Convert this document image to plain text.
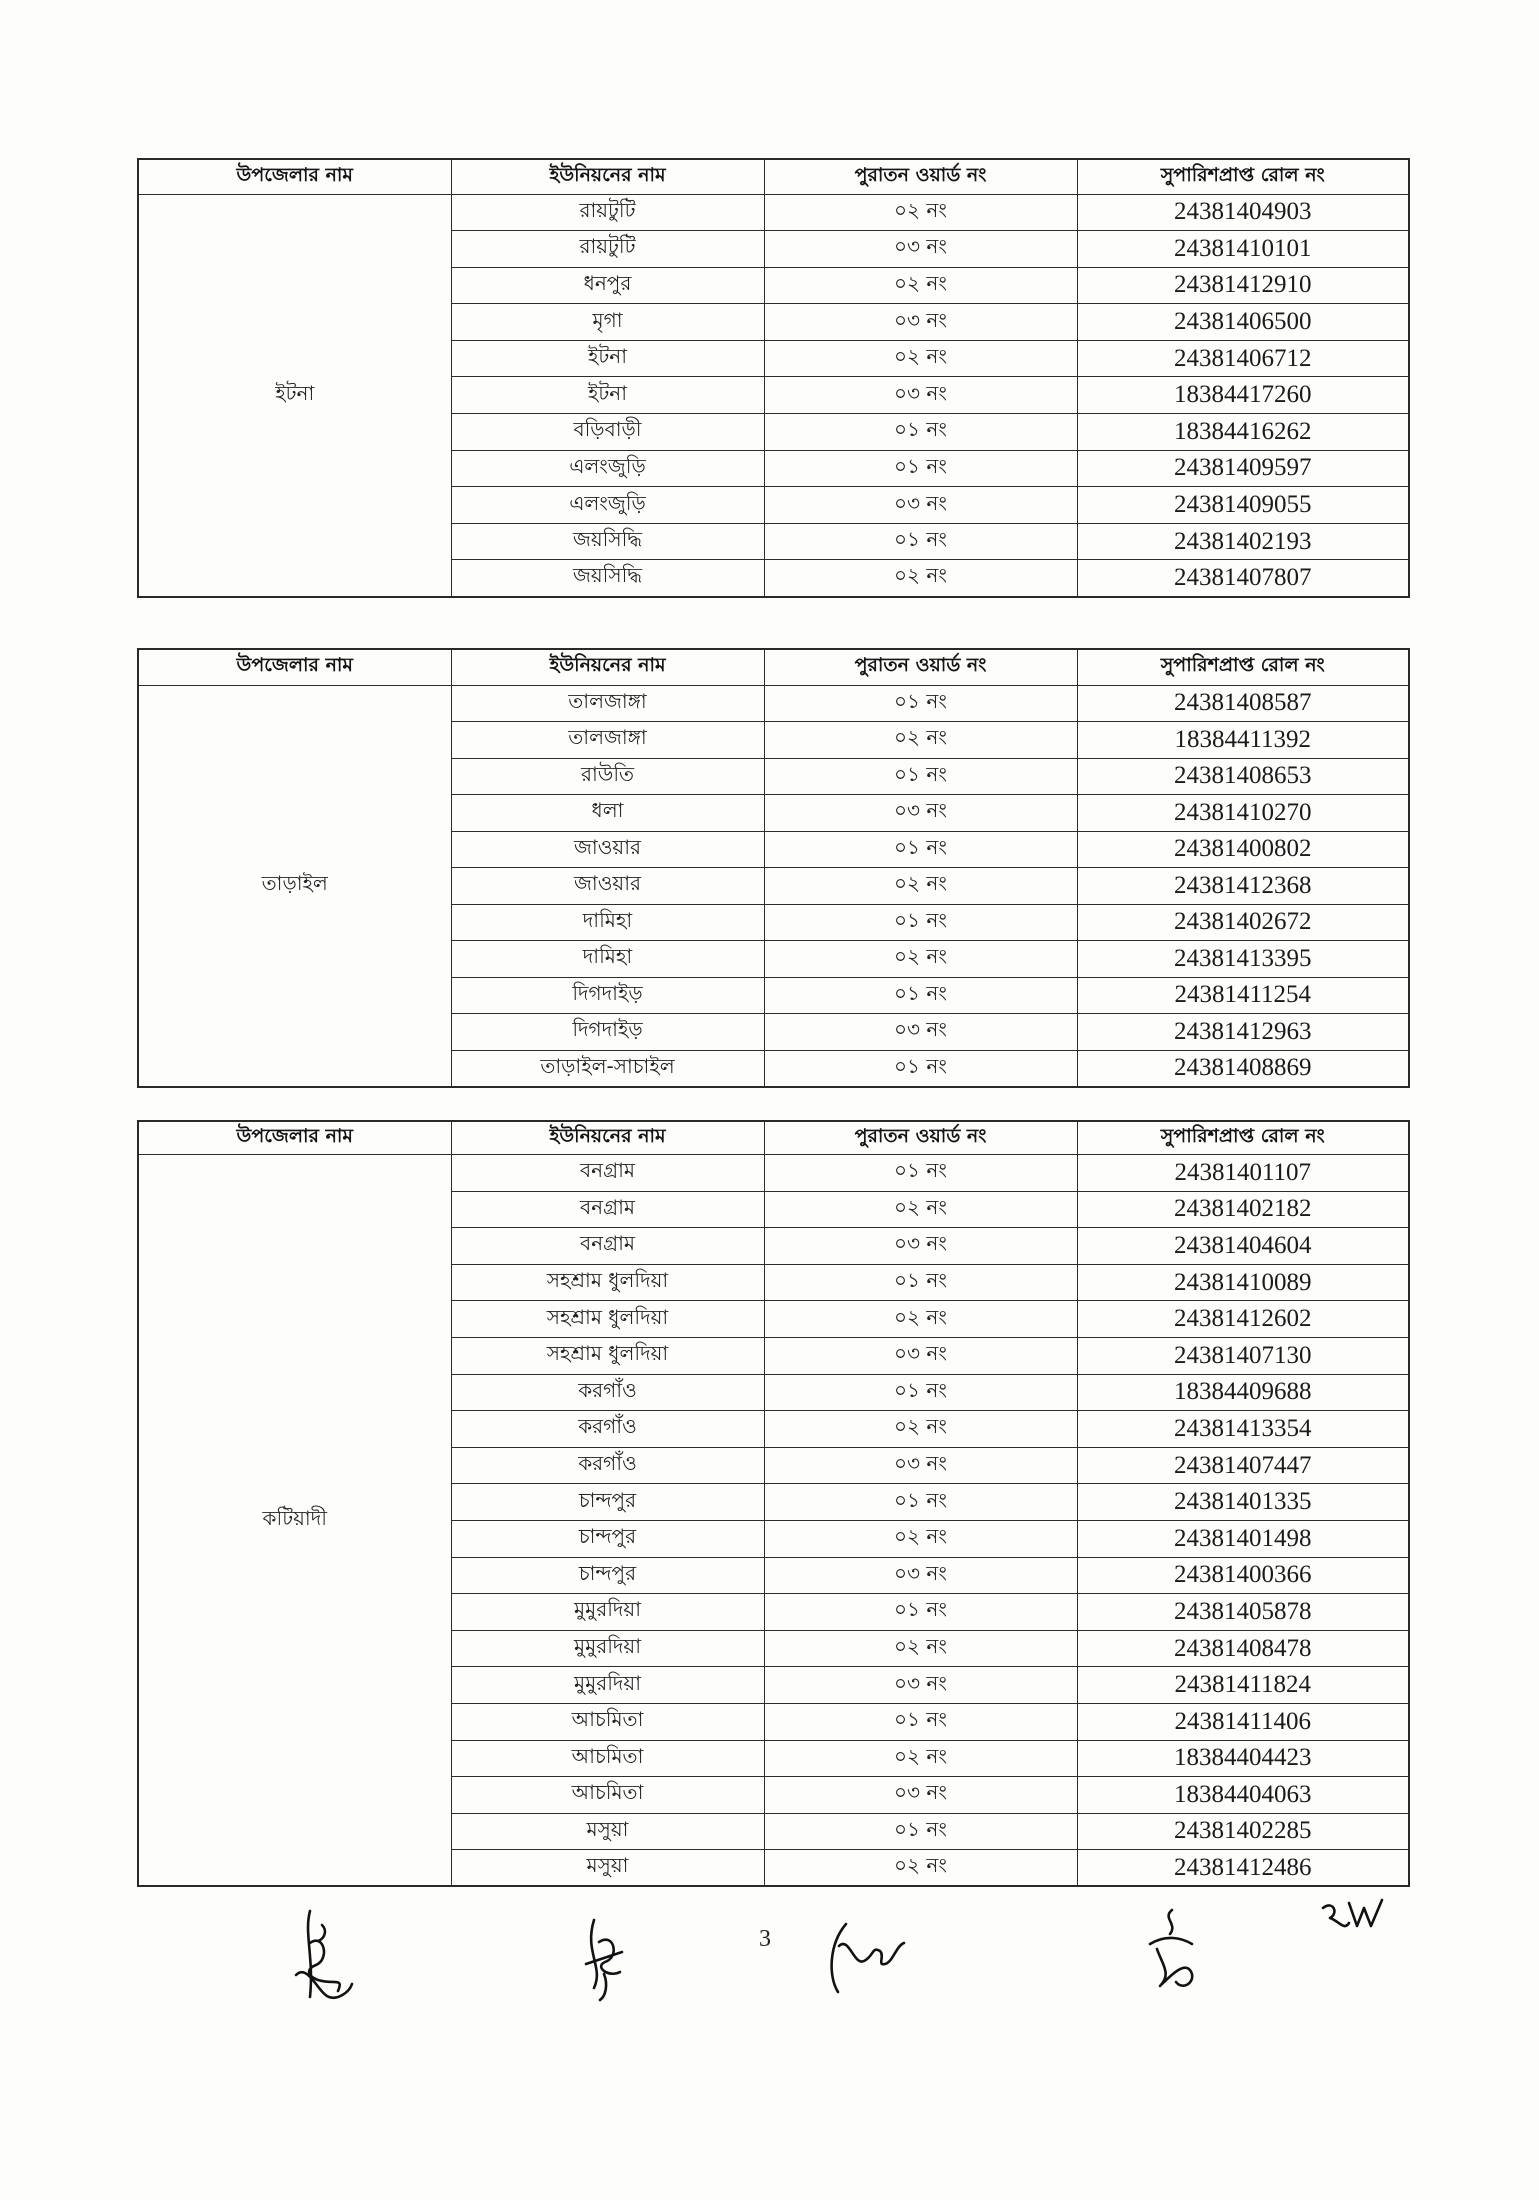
উপজেলার নাম	ইউনিয়নের নাম	পুরাতন ওয়ার্ড নং	সুপারিশপ্রাপ্ত রোল নং
ইটনা	রায়টুটি	০২ নং	24381404903
	রায়টুটি	০৩ নং	24381410101
	ধনপুর	০২ নং	24381412910
	মৃগা	০৩ নং	24381406500
	ইটনা	০২ নং	24381406712
	ইটনা	০৩ নং	18384417260
	বড়িবাড়ী	০১ নং	18384416262
	এলংজুড়ি	০১ নং	24381409597
	এলংজুড়ি	০৩ নং	24381409055
	জয়সিদ্ধি	০১ নং	24381402193
	জয়সিদ্ধি	০২ নং	24381407807
উপজেলার নাম	ইউনিয়নের নাম	পুরাতন ওয়ার্ড নং	সুপারিশপ্রাপ্ত রোল নং
তাড়াইল	তালজাঙ্গা	০১ নং	24381408587
	তালজাঙ্গা	০২ নং	18384411392
	রাউতি	০১ নং	24381408653
	ধলা	০৩ নং	24381410270
	জাওয়ার	০১ নং	24381400802
	জাওয়ার	০২ নং	24381412368
	দামিহা	০১ নং	24381402672
	দামিহা	০২ নং	24381413395
	দিগদাইড়	০১ নং	24381411254
	দিগদাইড়	০৩ নং	24381412963
	তাড়াইল-সাচাইল	০১ নং	24381408869
উপজেলার নাম	ইউনিয়নের নাম	পুরাতন ওয়ার্ড নং	সুপারিশপ্রাপ্ত রোল নং
কটিয়াদী	বনগ্রাম	০১ নং	24381401107
	বনগ্রাম	০২ নং	24381402182
	বনগ্রাম	০৩ নং	24381404604
	সহশ্রাম ধুলদিয়া	০১ নং	24381410089
	সহশ্রাম ধুলদিয়া	০২ নং	24381412602
	সহশ্রাম ধুলদিয়া	০৩ নং	24381407130
	করগাঁও	০১ নং	18384409688
	করগাঁও	০২ নং	24381413354
	করগাঁও	০৩ নং	24381407447
	চান্দপুর	০১ নং	24381401335
	চান্দপুর	০২ নং	24381401498
	চান্দপুর	০৩ নং	24381400366
	মুমুরদিয়া	০১ নং	24381405878
	মুমুরদিয়া	০২ নং	24381408478
	মুমুরদিয়া	০৩ নং	24381411824
	আচমিতা	০১ নং	24381411406
	আচমিতা	০২ নং	18384404423
	আচমিতা	০৩ নং	18384404063
	মসুয়া	০১ নং	24381402285
	মসুয়া	০২ নং	24381412486
3
